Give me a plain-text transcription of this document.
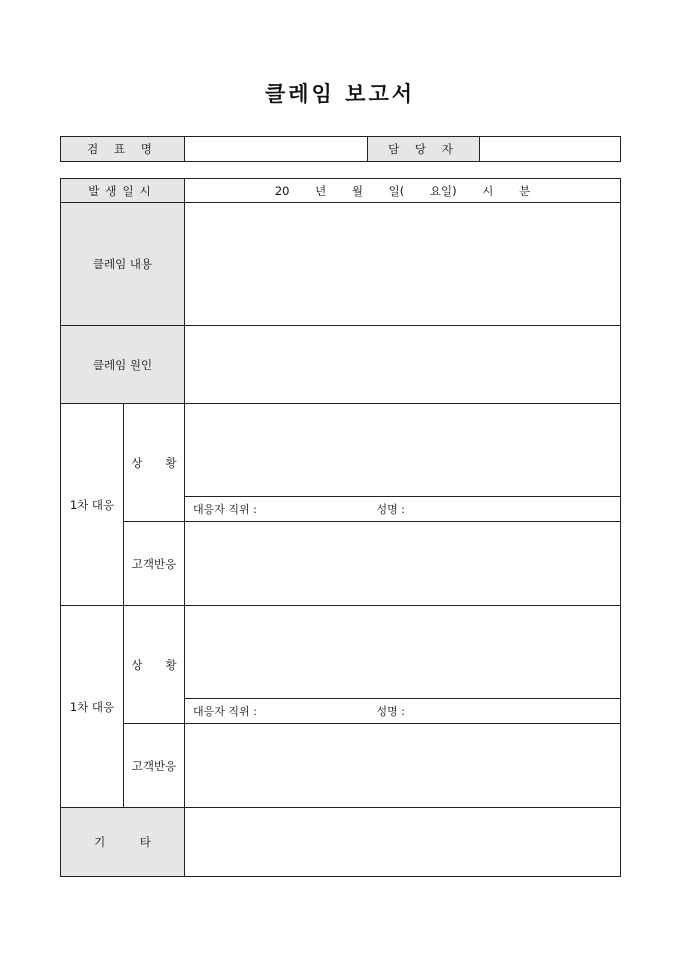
클레임 보고서
검 표 명		담 당 자	
발생일시		20 년 월 일( 요일) 시 분
클레임 내용		
클레임 원인		
1차 대응	상　　황	
		대응자 직위 : 성명 :
	고객반응	
1차 대응	상　　황	
		대응자 직위 : 성명 :
	고객반응	
기　　　타		
